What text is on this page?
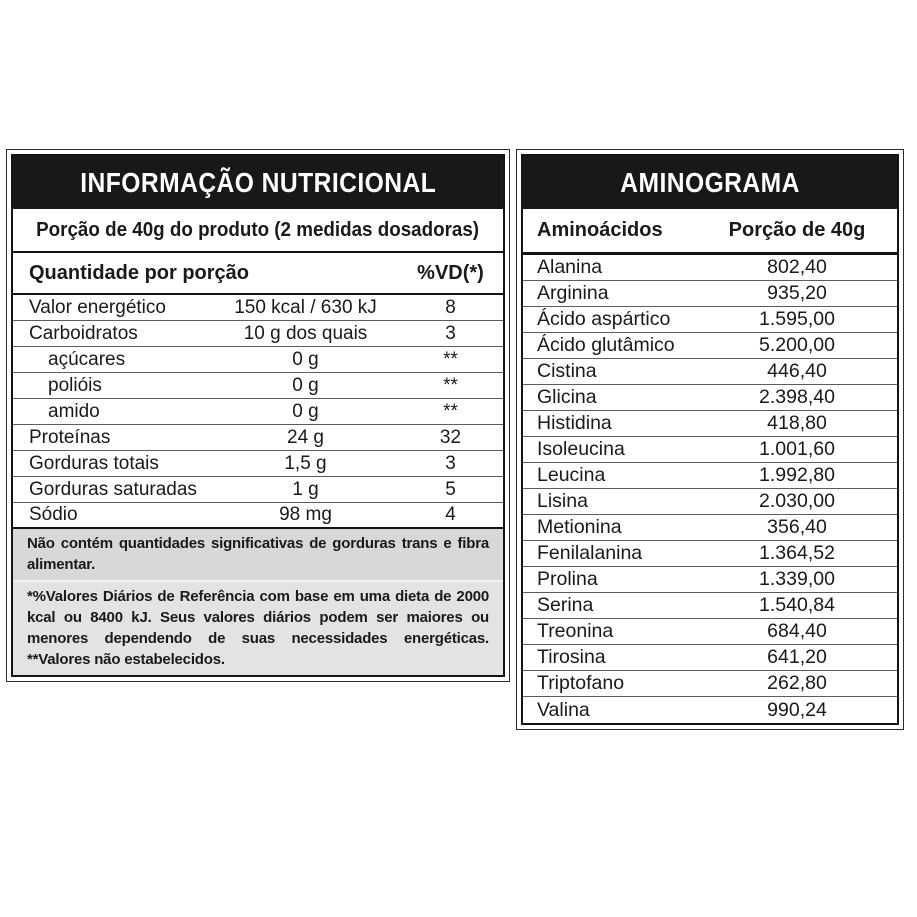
INFORMAÇÃO NUTRICIONAL
Porção de 40g do produto (2 medidas dosadoras)
Quantidade por porção	%VD(*)
Valor energético	150 kcal / 630 kJ	8
Carboidratos	10 g dos quais	3
açúcares	0 g	**
polióis	0 g	**
amido	0 g	**
Proteínas	24 g	32
Gorduras totais	1,5 g	3
Gorduras saturadas	1 g	5
Sódio	98 mg	4
Não contém quantidades significativas de gorduras trans e fibra alimentar.
*%Valores Diários de Referência com base em uma dieta de 2000 kcal ou 8400 kJ. Seus valores diários podem ser maiores ou menores dependendo de suas necessidades energéticas. **Valores não estabelecidos.
AMINOGRAMA
Aminoácidos	Porção de 40g
Alanina	802,40
Arginina	935,20
Ácido aspártico	1.595,00
Ácido glutâmico	5.200,00
Cistina	446,40
Glicina	2.398,40
Histidina	418,80
Isoleucina	1.001,60
Leucina	1.992,80
Lisina	2.030,00
Metionina	356,40
Fenilalanina	1.364,52
Prolina	1.339,00
Serina	1.540,84
Treonina	684,40
Tirosina	641,20
Triptofano	262,80
Valina	990,24
